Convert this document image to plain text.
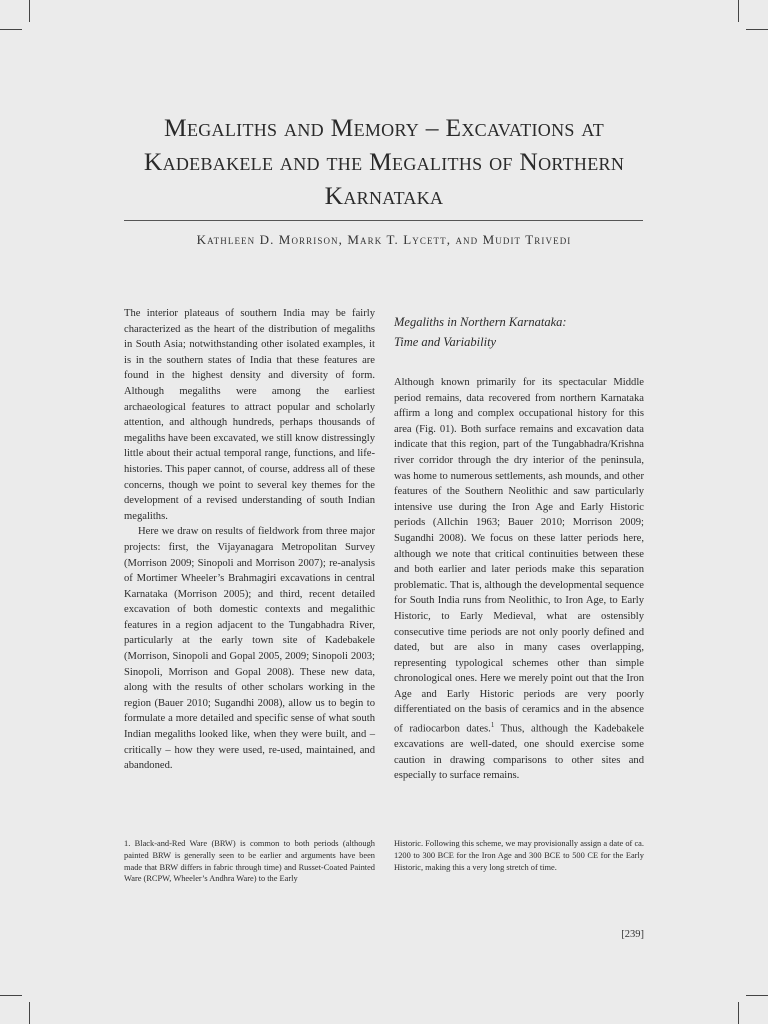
Megaliths and Memory – Excavations at
Kadebakele and the Megaliths of Northern
Karnataka
Kathleen D. Morrison, Mark T. Lycett, and Mudit Trivedi

The interior plateaus of southern India may be fairly characterized as the heart of the distribution of megaliths in South Asia; notwithstanding other isolated examples, it is in the southern states of India that these features are found in the highest density and diversity of form. Although megaliths were among the earliest archaeological features to attract popular and scholarly attention, and although hundreds, perhaps thousands of megaliths have been excavated, we still know distressingly little about their actual temporal range, functions, and life-histories. This paper cannot, of course, address all of these concerns, though we point to several key themes for the development of a revised understanding of south Indian megaliths.

Here we draw on results of fieldwork from three major projects: first, the Vijayanagara Metropolitan Survey (Morrison 2009; Sinopoli and Morrison 2007); re-analysis of Mortimer Wheeler’s Brahmagiri excavations in central Karnataka (Morrison 2005); and third, recent detailed excavation of both domestic contexts and megalithic features in a region adjacent to the Tungabhadra River, particularly at the early town site of Kadebakele (Morrison, Sinopoli and Gopal 2005, 2009; Sinopoli 2003; Sinopoli, Morrison and Gopal 2008). These new data, along with the results of other scholars working in the region (Bauer 2010; Sugandhi 2008), allow us to begin to formulate a more detailed and specific sense of what south Indian megaliths looked like, when they were built, and – critically – how they were used, re-used, maintained, and abandoned.

Megaliths in Northern Karnataka:
Time and Variability

Although known primarily for its spectacular Middle period remains, data recovered from northern Karnataka affirm a long and complex occupational history for this area (Fig. 01). Both surface remains and excavation data indicate that this region, part of the Tungabhadra/Krishna river corridor through the dry interior of the peninsula, was home to numerous settlements, ash mounds, and other features of the Southern Neolithic and saw particularly intensive use during the Iron Age and Early Historic periods (Allchin 1963; Bauer 2010; Morrison 2009; Sugandhi 2008). We focus on these latter periods here, although we note that critical continuities between these and both earlier and later periods make this separation problematic. That is, although the developmental sequence for South India runs from Neolithic, to Iron Age, to Early Historic, to Early Medieval, what are ostensibly consecutive time periods are not only poorly defined and dated, but are also in many cases overlapping, representing typological schemes other than simple chronological ones. Here we merely point out that the Iron Age and Early Historic periods are very poorly differentiated on the basis of ceramics and in the absence of radiocarbon dates.$^1$ Thus, although the Kadebakele excavations are well-dated, one should exercise some caution in drawing comparisons to other sites and especially to surface remains.

1. Black-and-Red Ware (BRW) is common to both periods (although painted BRW is generally seen to be earlier and arguments have been made that BRW differs in fabric through time) and Russet-Coated Painted Ware (RCPW, Wheeler’s Andhra Ware) to the Early
Historic. Following this scheme, we may provisionally assign a date of ca. 1200 to 300 BCE for the Iron Age and 300 BCE to 500 CE for the Early Historic, making this a very long stretch of time.
[239]
